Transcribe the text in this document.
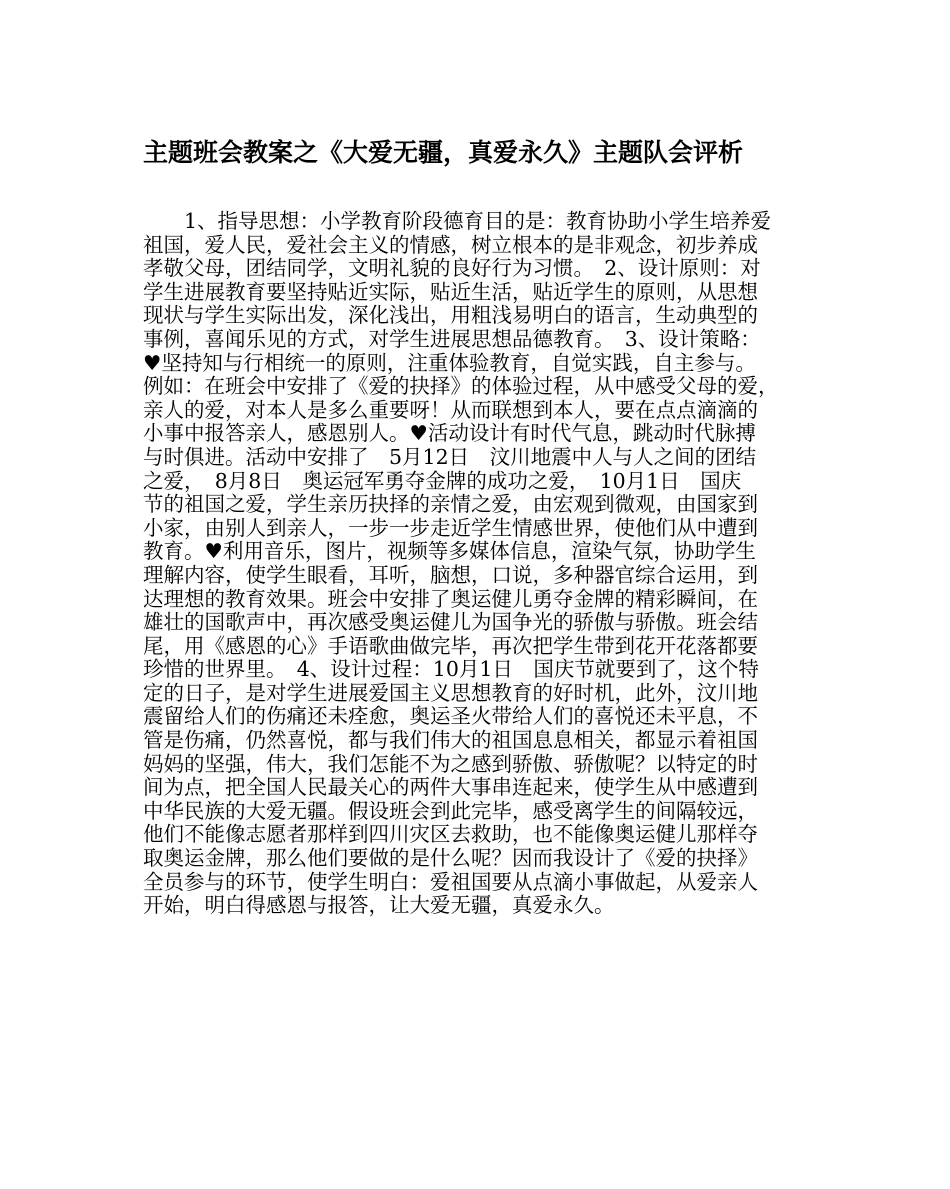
主题班会教案之《大爱无疆，真爱永久》主题队会评析
　　1、指导思想：小学教育阶段德育目的是：教育协助小学生培养爱
祖国，爱人民，爱社会主义的情感，树立根本的是非观念，初步养成
孝敬父母，团结同学，文明礼貌的良好行为习惯。　2、设计原则：对
学生进展教育要坚持贴近实际，贴近生活，贴近学生的原则，从思想
现状与学生实际出发，深化浅出，用粗浅易明白的语言，生动典型的
事例，喜闻乐见的方式，对学生进展思想品德教育。　3、设计策略：
♥坚持知与行相统一的原则，注重体验教育，自觉实践，自主参与。
例如：在班会中安排了《爱的抉择》的体验过程，从中感受父母的爱，
亲人的爱，对本人是多么重要呀！从而联想到本人，要在点点滴滴的
小事中报答亲人，感恩别人。♥活动设计有时代气息，跳动时代脉搏
与时俱进。活动中安排了　5月12日　汶川地震中人与人之间的团结
之爱，　8月8日　奥运冠军勇夺金牌的成功之爱，　10月1日　国庆
节的祖国之爱，学生亲历抉择的亲情之爱，由宏观到微观，由国家到
小家，由别人到亲人，一步一步走近学生情感世界，使他们从中遭到
教育。♥利用音乐，图片，视频等多媒体信息，渲染气氛，协助学生
理解内容，使学生眼看，耳听，脑想，口说，多种器官综合运用，到
达理想的教育效果。班会中安排了奥运健儿勇夺金牌的精彩瞬间，在
雄壮的国歌声中，再次感受奥运健儿为国争光的骄傲与骄傲。班会结
尾，用《感恩的心》手语歌曲做完毕，再次把学生带到花开花落都要
珍惜的世界里。　4、设计过程：10月1日　国庆节就要到了，这个特
定的日子，是对学生进展爱国主义思想教育的好时机，此外，汶川地
震留给人们的伤痛还未痊愈，奥运圣火带给人们的喜悦还未平息，不
管是伤痛，仍然喜悦，都与我们伟大的祖国息息相关，都显示着祖国
妈妈的坚强，伟大，我们怎能不为之感到骄傲、骄傲呢？以特定的时
间为点，把全国人民最关心的两件大事串连起来，使学生从中感遭到
中华民族的大爱无疆。假设班会到此完毕，感受离学生的间隔较远，
他们不能像志愿者那样到四川灾区去救助，也不能像奥运健儿那样夺
取奥运金牌，那么他们要做的是什么呢？因而我设计了《爱的抉择》
全员参与的环节，使学生明白：爱祖国要从点滴小事做起，从爱亲人
开始，明白得感恩与报答，让大爱无疆，真爱永久。
